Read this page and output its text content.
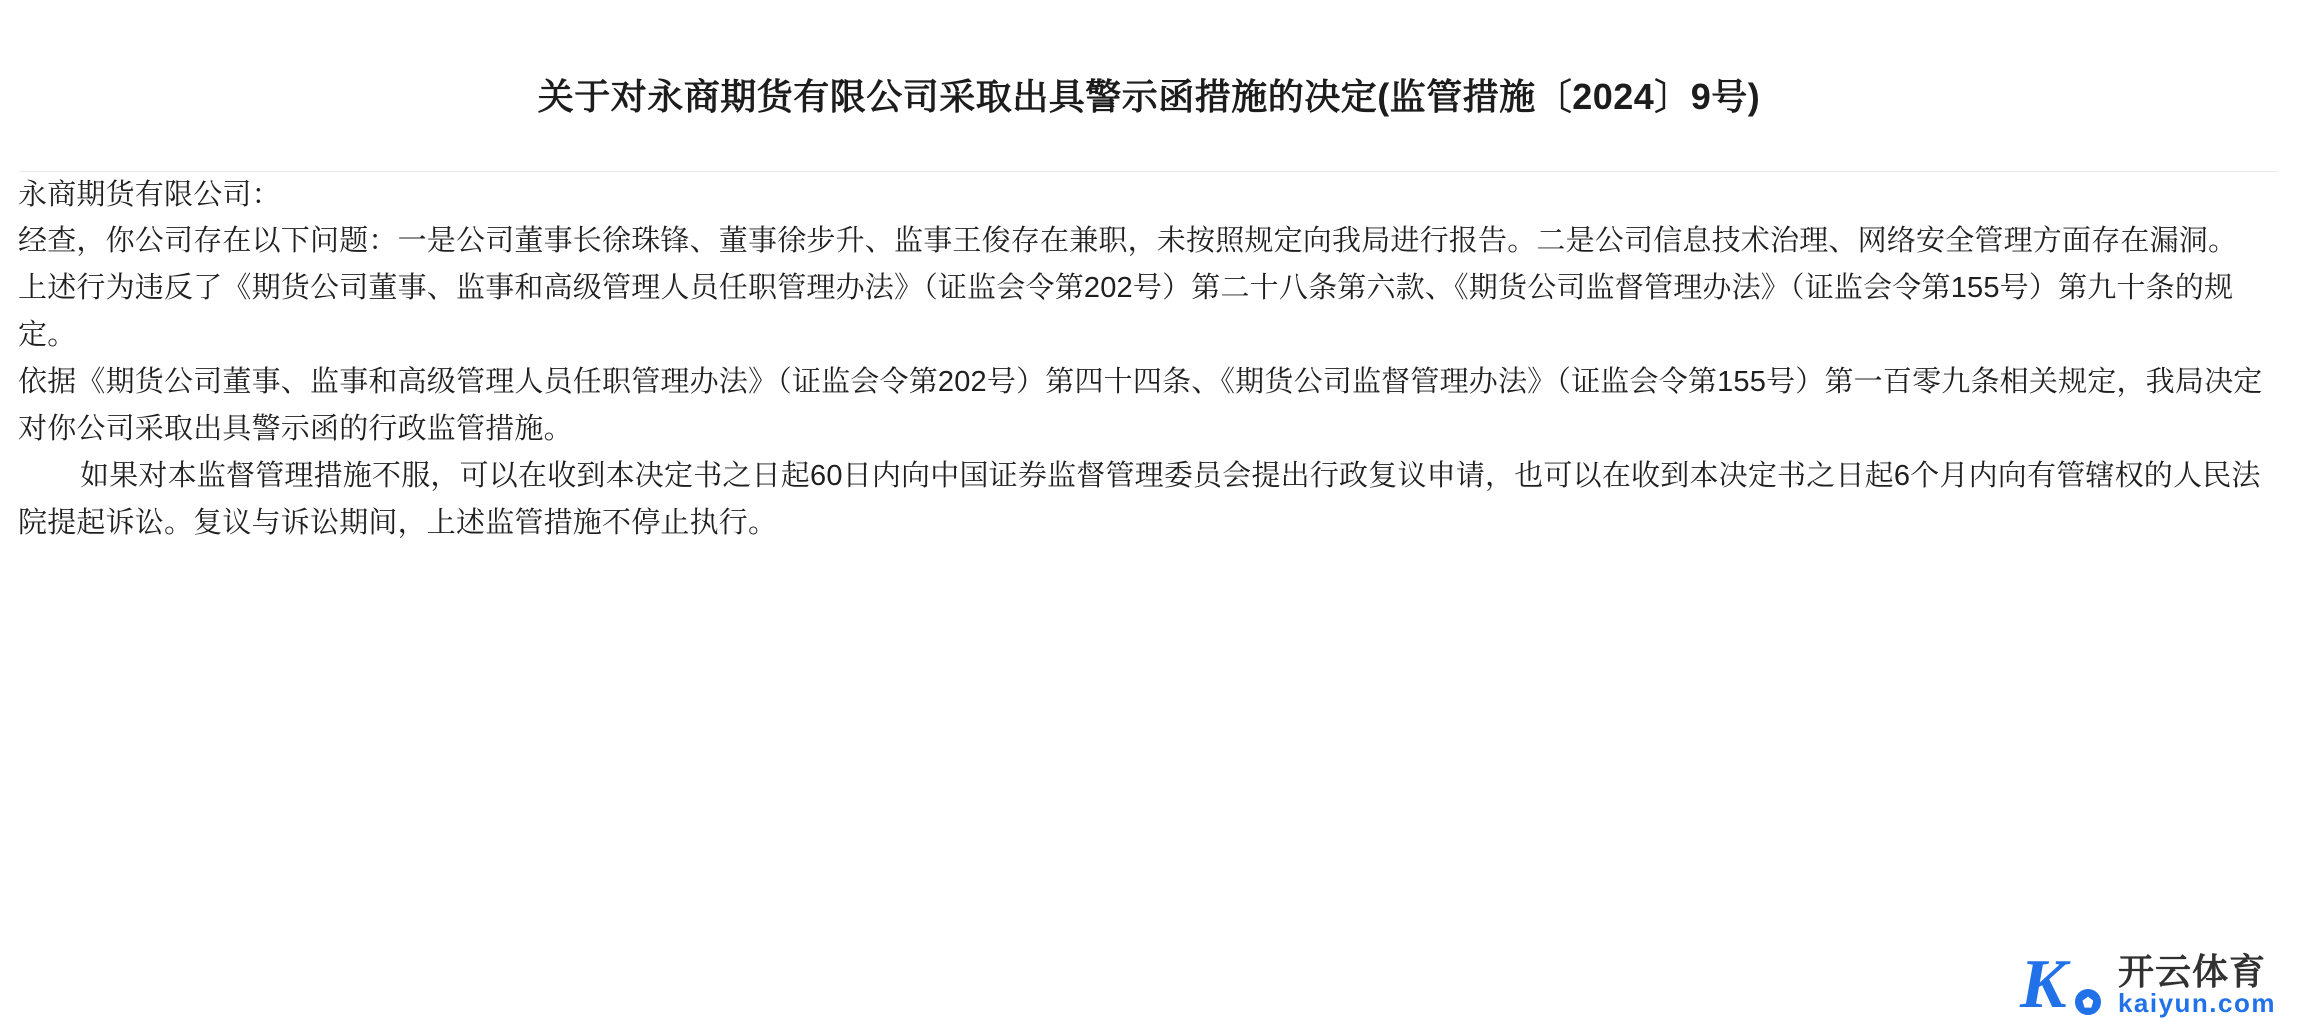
关于对永商期货有限公司采取出具警示函措施的决定(监管措施〔2024〕9号)

永商期货有限公司：

经查，你公司存在以下问题：一是公司董事长徐珠锋、董事徐步升、监事王俊存在兼职，未按照规定向我局进行报告。二是公司信息技术治理、网络安全管理方面存在漏洞。

上述行为违反了《期货公司董事、监事和高级管理人员任职管理办法》（证监会令第202号）第二十八条第六款、《期货公司监督管理办法》（证监会令第155号）第九十条的规定。

依据《期货公司董事、监事和高级管理人员任职管理办法》（证监会令第202号）第四十四条、《期货公司监督管理办法》（证监会令第155号）第一百零九条相关规定，我局决定对你公司采取出具警示函的行政监管措施。

如果对本监督管理措施不服，可以在收到本决定书之日起60日内向中国证券监督管理委员会提出行政复议申请，也可以在收到本决定书之日起6个月内向有管辖权的人民法院提起诉讼。复议与诉讼期间，上述监管措施不停止执行。

K 开云体育
kaiyun.com
